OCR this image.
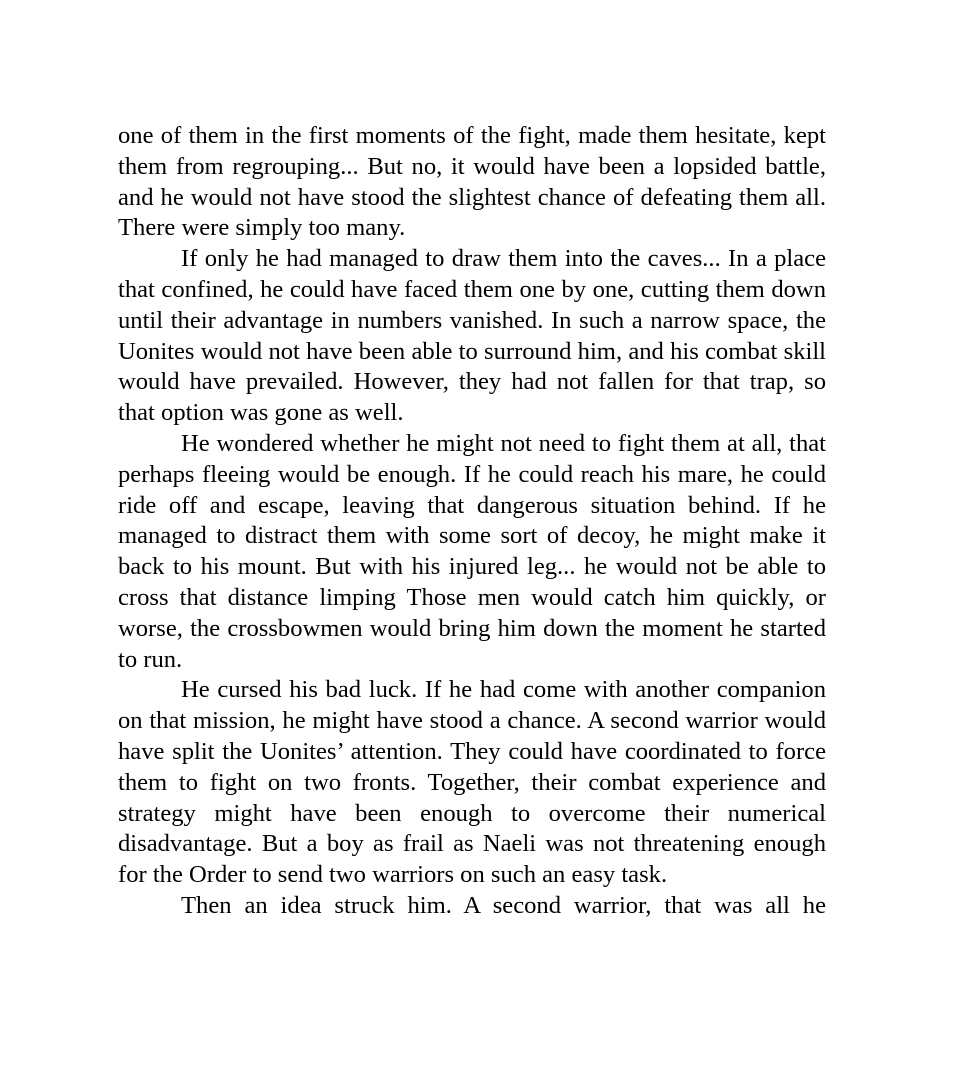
one of them in the first moments of the fight, made them hesitate, kept them from regrouping... But no, it would have been a lopsided battle, and he would not have stood the slightest chance of defeating them all. There were simply too many.

If only he had managed to draw them into the caves... In a place that confined, he could have faced them one by one, cutting them down until their advantage in numbers vanished. In such a narrow space, the Uonites would not have been able to surround him, and his combat skill would have prevailed. However, they had not fallen for that trap, so that option was gone as well.

He wondered whether he might not need to fight them at all, that perhaps fleeing would be enough. If he could reach his mare, he could ride off and escape, leaving that dangerous situation behind. If he managed to distract them with some sort of decoy, he might make it back to his mount. But with his injured leg... he would not be able to cross that distance limping Those men would catch him quickly, or worse, the crossbowmen would bring him down the moment he started to run.

He cursed his bad luck. If he had come with another companion on that mission, he might have stood a chance. A second warrior would have split the Uonites’ attention. They could have coordinated to force them to fight on two fronts. Together, their combat experience and strategy might have been enough to overcome their numerical disadvantage. But a boy as frail as Naeli was not threatening enough for the Order to send two warriors on such an easy task.

Then an idea struck him. A second warrior, that was all he
